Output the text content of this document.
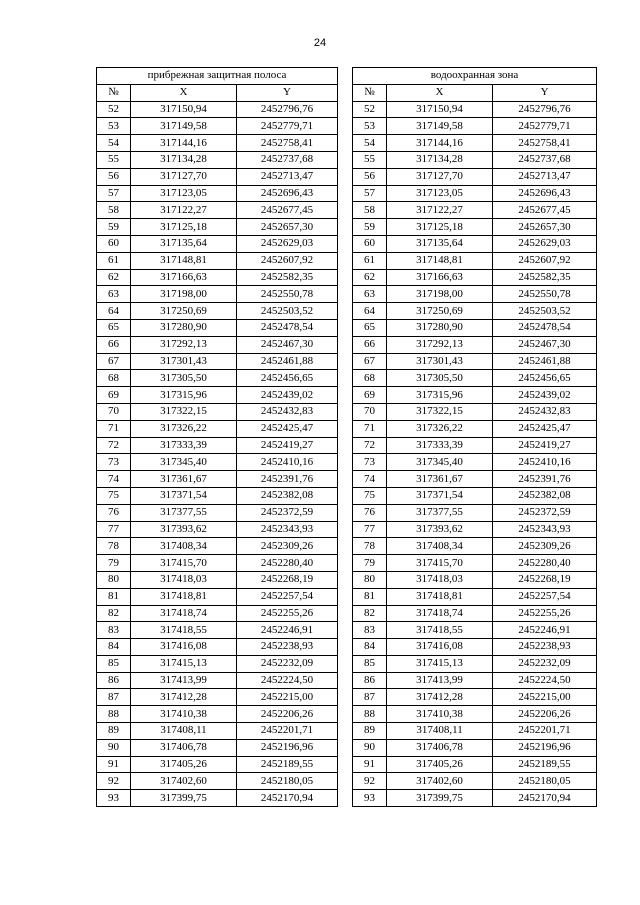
24
прибрежная защитная полоса				водоохранная зона		
№	X	Y		№	X	Y
52	317150,94	2452796,76		52	317150,94	2452796,76
53	317149,58	2452779,71		53	317149,58	2452779,71
54	317144,16	2452758,41		54	317144,16	2452758,41
55	317134,28	2452737,68		55	317134,28	2452737,68
56	317127,70	2452713,47		56	317127,70	2452713,47
57	317123,05	2452696,43		57	317123,05	2452696,43
58	317122,27	2452677,45		58	317122,27	2452677,45
59	317125,18	2452657,30		59	317125,18	2452657,30
60	317135,64	2452629,03		60	317135,64	2452629,03
61	317148,81	2452607,92		61	317148,81	2452607,92
62	317166,63	2452582,35		62	317166,63	2452582,35
63	317198,00	2452550,78		63	317198,00	2452550,78
64	317250,69	2452503,52		64	317250,69	2452503,52
65	317280,90	2452478,54		65	317280,90	2452478,54
66	317292,13	2452467,30		66	317292,13	2452467,30
67	317301,43	2452461,88		67	317301,43	2452461,88
68	317305,50	2452456,65		68	317305,50	2452456,65
69	317315,96	2452439,02		69	317315,96	2452439,02
70	317322,15	2452432,83		70	317322,15	2452432,83
71	317326,22	2452425,47		71	317326,22	2452425,47
72	317333,39	2452419,27		72	317333,39	2452419,27
73	317345,40	2452410,16		73	317345,40	2452410,16
74	317361,67	2452391,76		74	317361,67	2452391,76
75	317371,54	2452382,08		75	317371,54	2452382,08
76	317377,55	2452372,59		76	317377,55	2452372,59
77	317393,62	2452343,93		77	317393,62	2452343,93
78	317408,34	2452309,26		78	317408,34	2452309,26
79	317415,70	2452280,40		79	317415,70	2452280,40
80	317418,03	2452268,19		80	317418,03	2452268,19
81	317418,81	2452257,54		81	317418,81	2452257,54
82	317418,74	2452255,26		82	317418,74	2452255,26
83	317418,55	2452246,91		83	317418,55	2452246,91
84	317416,08	2452238,93		84	317416,08	2452238,93
85	317415,13	2452232,09		85	317415,13	2452232,09
86	317413,99	2452224,50		86	317413,99	2452224,50
87	317412,28	2452215,00		87	317412,28	2452215,00
88	317410,38	2452206,26		88	317410,38	2452206,26
89	317408,11	2452201,71		89	317408,11	2452201,71
90	317406,78	2452196,96		90	317406,78	2452196,96
91	317405,26	2452189,55		91	317405,26	2452189,55
92	317402,60	2452180,05		92	317402,60	2452180,05
93	317399,75	2452170,94		93	317399,75	2452170,94
